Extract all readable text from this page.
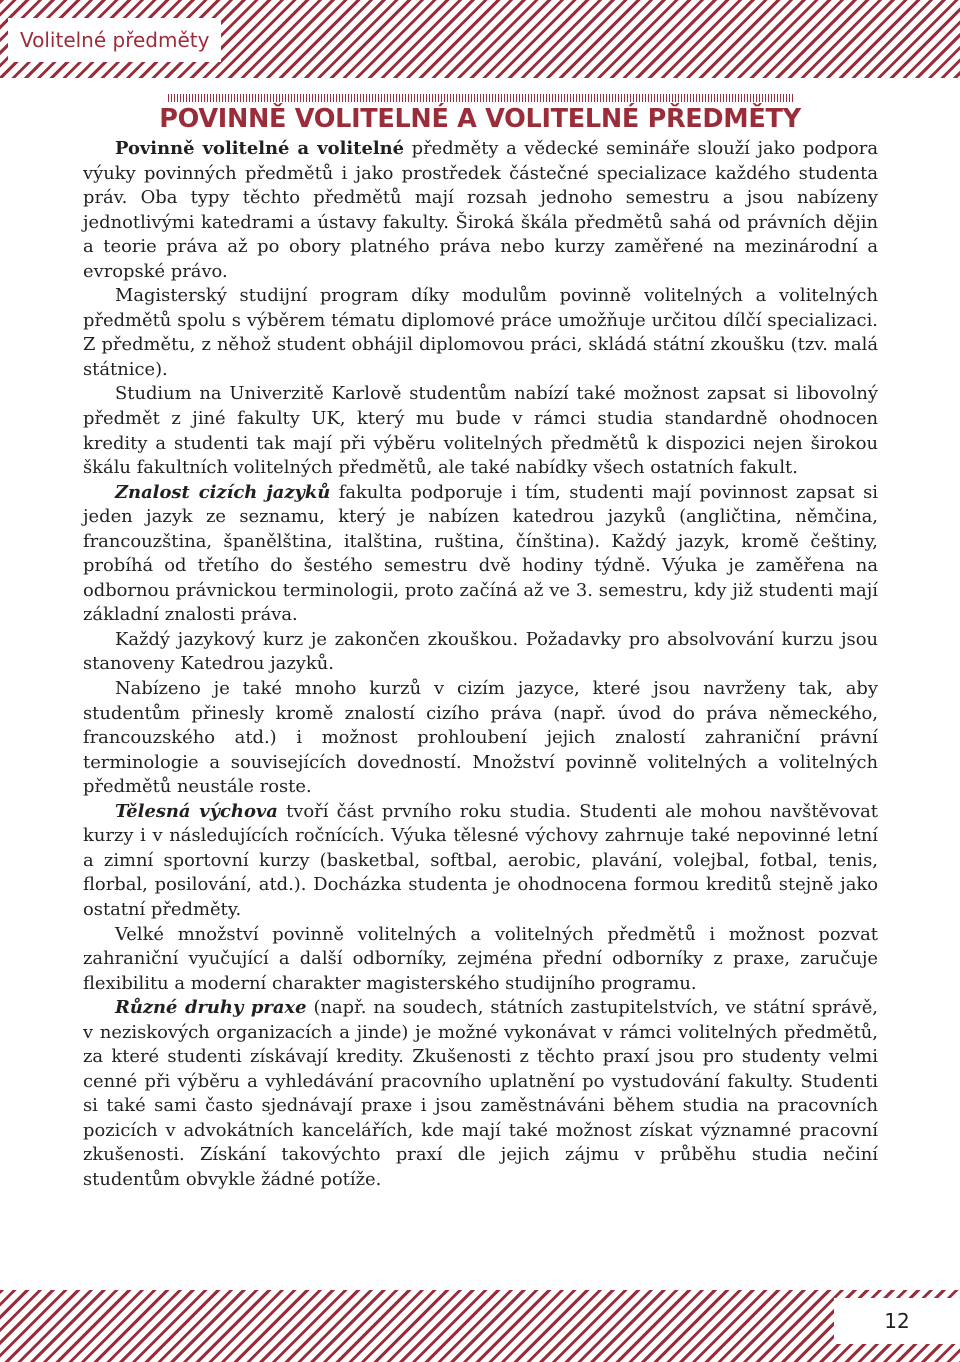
Volitelné předměty
POVINNĚ VOLITELNÉ A VOLITELNÉ PŘEDMĚTY

Povinně volitelné a volitelné předměty a vědecké semináře slouží jako podpora výuky povinných předmětů i jako prostředek částečné specializace každého studenta práv. Oba typy těchto předmětů mají rozsah jednoho semestru a jsou nabízeny jednotlivými katedrami a ústavy fakulty. Široká škála předmětů sahá od právních dějin a teorie práva až po obory platného práva nebo kurzy zaměřené na mezinárodní a evropské právo.

Magisterský studijní program díky modulům povinně volitelných a volitelných předmětů spolu s výběrem tématu diplomové práce umožňuje určitou dílčí specializaci. Z předmětu, z něhož student obhájil diplomovou práci, skládá státní zkoušku (tzv. malá státnice).

Studium na Univerzitě Karlově studentům nabízí také možnost zapsat si libovolný předmět z jiné fakulty UK, který mu bude v rámci studia standardně ohodnocen kredity a studenti tak mají při výběru volitelných předmětů k dispozici nejen širokou škálu fakultních volitelných předmětů, ale také nabídky všech ostatních fakult.

Znalost cizích jazyků fakulta podporuje i tím, studenti mají povinnost zapsat si jeden jazyk ze seznamu, který je nabízen katedrou jazyků (angličtina, němčina, francouzština, španělština, italština, ruština, čínština). Každý jazyk, kromě češtiny, probíhá od třetího do šestého semestru dvě hodiny týdně. Výuka je zaměřena na odbornou právnickou terminologii, proto začíná až ve 3. semestru, kdy již studenti mají základní znalosti práva.

Každý jazykový kurz je zakončen zkouškou. Požadavky pro absolvování kurzu jsou stanoveny Katedrou jazyků.

Nabízeno je také mnoho kurzů v cizím jazyce, které jsou navrženy tak, aby studentům přinesly kromě znalostí cizího práva (např. úvod do práva německého, francouzského atd.) i možnost prohloubení jejich znalostí zahraniční právní terminologie a souvisejících dovedností. Množství povinně volitelných a volitelných předmětů neustále roste.

Tělesná výchova tvoří část prvního roku studia. Studenti ale mohou navštěvovat kurzy i v následujících ročnících. Výuka tělesné výchovy zahrnuje také nepovinné letní a zimní sportovní kurzy (basketbal, softbal, aerobic, plavání, volejbal, fotbal, tenis, florbal, posilování, atd.). Docházka studenta je ohodnocena formou kreditů stejně jako ostatní předměty.

Velké množství povinně volitelných a volitelných předmětů i možnost pozvat zahraniční vyučující a další odborníky, zejména přední odborníky z praxe, zaručuje flexibilitu a moderní charakter magisterského studijního programu.

Různé druhy praxe (např. na soudech, státních zastupitelstvích, ve státní správě, v neziskových organizacích a jinde) je možné vykonávat v rámci volitelných předmětů, za které studenti získávají kredity. Zkušenosti z těchto praxí jsou pro studenty velmi cenné při výběru a vyhledávání pracovního uplatnění po vystudování fakulty. Studenti si také sami často sjednávají praxe i jsou zaměstnáváni během studia na pracovních pozicích v advokátních kancelářích, kde mají také možnost získat významné pracovní zkušenosti. Získání takovýchto praxí dle jejich zájmu v průběhu studia nečiní studentům obvykle žádné potíže.

12
